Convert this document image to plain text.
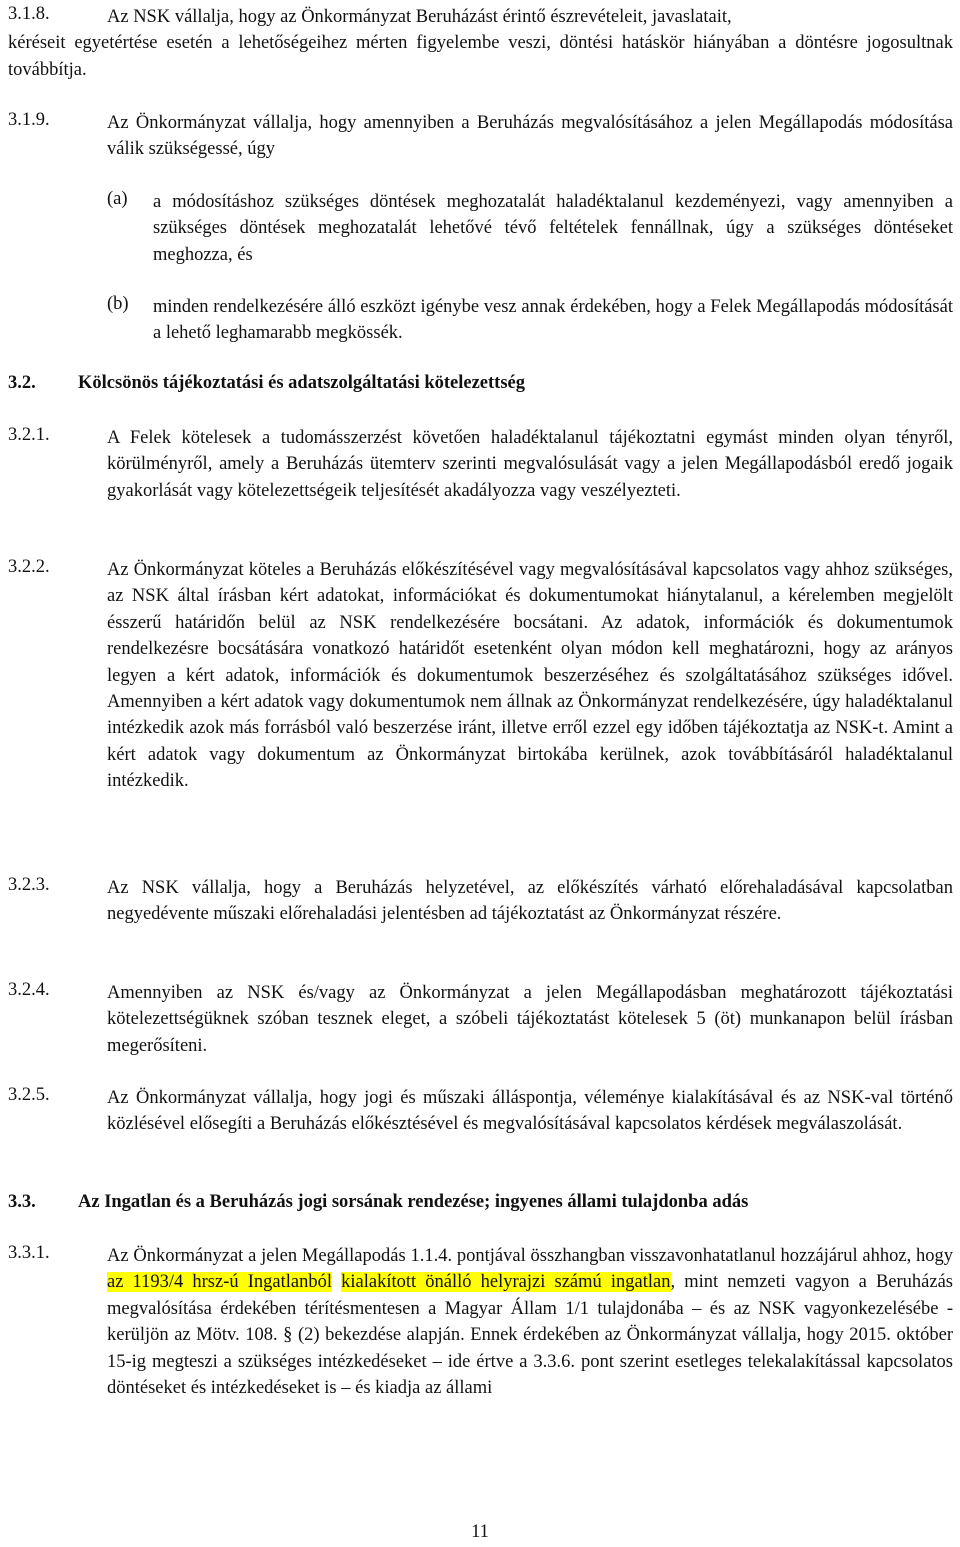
3.1.8.	Az NSK vállalja, hogy az Önkormányzat Beruházást érintő észrevételeit, javaslatait,
kéréseit egyetértése esetén a lehetőségeihez mérten figyelembe veszi, döntési hatáskör hiányában a döntésre jogosultnak továbbítja.
3.1.9.	Az Önkormányzat vállalja, hogy amennyiben a Beruházás megvalósításához a jelen Megállapodás módosítása válik szükségessé, úgy
(a) a módosításhoz szükséges döntések meghozatalát haladéktalanul kezdeményezi, vagy amennyiben a szükséges döntések meghozatalát lehetővé tévő feltételek fennállnak, úgy a szükséges döntéseket meghozza, és
(b) minden rendelkezésére álló eszközt igénybe vesz annak érdekében, hogy a Felek Megállapodás módosítását a lehető leghamarabb megkössék.
3.2. Kölcsönös tájékoztatási és adatszolgáltatási kötelezettség
3.2.1.	A Felek kötelesek a tudomásszerzést követően haladéktalanul tájékoztatni egymást minden olyan tényről, körülményről, amely a Beruházás ütemterv szerinti megvalósulását vagy a jelen Megállapodásból eredő jogaik gyakorlását vagy kötelezettségeik teljesítését akadályozza vagy veszélyezteti.
3.2.2.	Az Önkormányzat köteles a Beruházás előkészítésével vagy megvalósításával kapcsolatos vagy ahhoz szükséges, az NSK által írásban kért adatokat, információkat és dokumentumokat hiánytalanul, a kérelemben megjelölt ésszerű határidőn belül az NSK rendelkezésére bocsátani. Az adatok, információk és dokumentumok rendelkezésre bocsátására vonatkozó határidőt esetenként olyan módon kell meghatározni, hogy az arányos legyen a kért adatok, információk és dokumentumok beszerzéséhez és szolgáltatásához szükséges idővel. Amennyiben a kért adatok vagy dokumentumok nem állnak az Önkormányzat rendelkezésére, úgy haladéktalanul intézkedik azok más forrásból való beszerzése iránt, illetve erről ezzel egy időben tájékoztatja az NSK-t. Amint a kért adatok vagy dokumentum az Önkormányzat birtokába kerülnek, azok továbbításáról haladéktalanul intézkedik.
3.2.3.	Az NSK vállalja, hogy a Beruházás helyzetével, az előkészítés várható előrehaladásával kapcsolatban negyedévente műszaki előrehaladási jelentésben ad tájékoztatást az Önkormányzat részére.
3.2.4.	Amennyiben az NSK és/vagy az Önkormányzat a jelen Megállapodásban meghatározott tájékoztatási kötelezettségüknek szóban tesznek eleget, a szóbeli tájékoztatást kötelesek 5 (öt) munkanapon belül írásban megerősíteni.
3.2.5.	Az Önkormányzat vállalja, hogy jogi és műszaki álláspontja, véleménye kialakításával és az NSK-val történő közlésével elősegíti a Beruházás előkésztésével és megvalósításával kapcsolatos kérdések megválaszolását.
3.3. Az Ingatlan és a Beruházás jogi sorsának rendezése; ingyenes állami tulajdonba adás
3.3.1.	Az Önkormányzat a jelen Megállapodás 1.1.4. pontjával összhangban visszavonhatatlanul hozzájárul ahhoz, hogy az 1193/4 hrsz-ú Ingatlanból kialakított önálló helyrajzi számú ingatlan, mint nemzeti vagyon a Beruházás megvalósítása érdekében térítésmentesen a Magyar Állam 1/1 tulajdonába – és az NSK vagyonkezelésébe - kerüljön az Mötv. 108. § (2) bekezdése alapján. Ennek érdekében az Önkormányzat vállalja, hogy 2015. október 15-ig megteszi a szükséges intézkedéseket – ide értve a 3.3.6. pont szerint esetleges telekalakítással kapcsolatos döntéseket és intézkedéseket is – és kiadja az állami
11
